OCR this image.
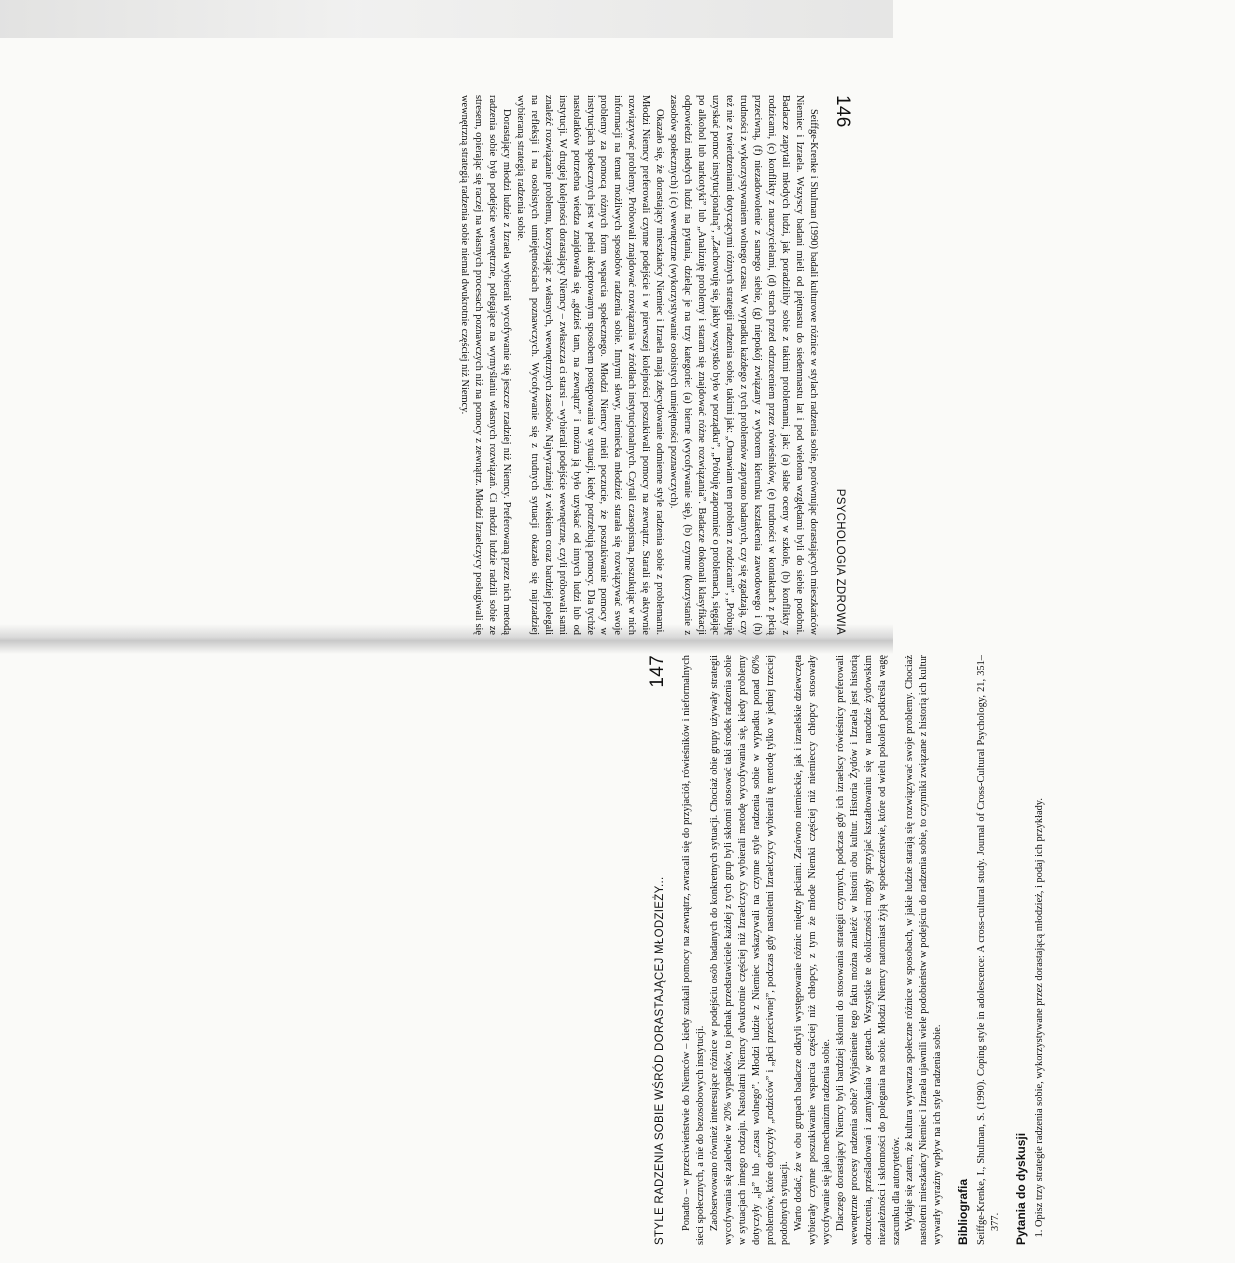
146
PSYCHOLOGIA ZDROWIA

Seiffge-Krenke i Shulman (1990) badali kulturowe różnice w stylach radzenia sobie, porównując dorastających mieszkańców Niemiec i Izraela. Wszyscy badani mieli od piętnastu do siedemnastu lat i pod wieloma względami byli do siebie podobni. Badacze zapytali młodych ludzi, jak poradziliby sobie z takimi problemami, jak: (a) słabe oceny w szkole, (b) konflikty z rodzicami, (c) konflikty z nauczycielami, (d) strach przed odrzuceniem przez rówieśników, (e) trudności w kontaktach z płcią przeciwną, (f) niezadowolenie z samego siebie, (g) niepokój związany z wyborem kierunku kształcenia zawodowego i (h) trudności z wykorzystywaniem wolnego czasu. W wypadku każdego z tych problemów zapytano badanych, czy się zgadzają, czy też nie z twierdzeniami dotyczącymi różnych strategii radzenia sobie, takimi jak: „Omawiam ten problem z rodzicami”, „Próbuję uzyskać pomoc instytucjonalną”, „Zachowuję się, jakby wszystko było w porządku”, „Próbuję zapomnieć o problemach, sięgając po alkohol lub narkotyki” lub „Analizuję problemy i staram się znajdować różne rozwiązania”. Badacze dokonali klasyfikacji odpowiedzi młodych ludzi na pytania, dzieląc je na trzy kategorie: (a) bierne (wycofywanie się), (b) czynne (korzystanie z zasobów społecznych) i (c) wewnętrzne (wykorzystywanie osobistych umiejętności poznawczych).

Okazało się, że dorastający mieszkańcy Niemiec i Izraela mają zdecydowanie odmienne style radzenia sobie z problemami. Młodzi Niemcy preferowali czynne podejście i w pierwszej kolejności poszukiwali pomocy na zewnątrz. Starali się aktywnie rozwiązywać problemy. Próbowali znajdować rozwiązania w źródłach instytucjonalnych. Czytali czasopisma, poszukując w nich informacji na temat możliwych sposobów radzenia sobie. Innymi słowy, niemiecka młodzież starała się rozwiązywać swoje problemy za pomocą różnych form wsparcia społecznego. Młodzi Niemcy mieli poczucie, że poszukiwanie pomocy w instytucjach społecznych jest w pełni akceptowanym sposobem postępowania w sytuacji, kiedy potrzebują pomocy. Dla tychże nastolatków potrzebna wiedza znajdowała się „gdzieś tam, na zewnątrz” i można ją było uzyskać od innych ludzi lub od instytucji. W drugiej kolejności dorastający Niemcy – zwłaszcza ci starsi – wybierali podejście wewnętrzne, czyli próbowali sami znaleźć rozwiązanie problemu, korzystając z własnych, wewnętrznych zasobów. Najwyraźniej z wiekiem coraz bardziej polegali na refleksji i na osobistych umiejętnościach poznawczych. Wycofywanie się z trudnych sytuacji okazało się najrzadziej wybieraną strategią radzenia sobie.

Dorastający młodzi ludzie z Izraela wybierali wycofywanie się jeszcze rzadziej niż Niemcy. Preferowaną przez nich metodą radzenia sobie było podejście wewnętrzne, polegające na wymyślaniu własnych rozwiązań. Ci młodzi ludzie radzili sobie ze stresem, opierając się raczej na własnych procesach poznawczych niż na pomocy z zewnątrz. Młodzi Izraelczycy posługiwali się wewnętrzną strategią radzenia sobie niemal dwukrotnie częściej niż Niemcy.

STYLE RADZENIA SOBIE WŚRÓD DORASTAJĄCEJ MŁODZIEŻY...
147 Ponadto – w przeciwieństwie do Niemców – kiedy szukali pomocy na zewnątrz, zwracali się do przyjaciół, rówieśników i nieformalnych sieci społecznych, a nie do bezosobowych instytucji. Zaobserwowano również interesujące różnice w podejściu osób badanych do konkretnych sytuacji. Chociaż obie grupy używały strategii wycofywania się zaledwie w 20% wypadków, to jednak przedstawiciele każdej z tych grup byli skłonni stosować taki środek radzenia sobie w sytuacjach innego rodzaju. Nastolatni Niemcy dwukrotnie częściej niż Izraelczycy wybierali metodę wycofywania się, kiedy problemy dotyczyły „ja” lub „czasu wolnego”. Młodzi ludzie z Niemiec wskazywali na czynne style radzenia sobie w wypadku ponad 60% problemów, które dotyczyły „rodziców” i „płci przeciwnej”, podczas gdy nastoletni Izraelczycy wybierali tę metodę tylko w jednej trzeciej podobnych sytuacji. Warto dodać, że w obu grupach badacze odkryli występowanie różnic między płciami. Zarówno niemieckie, jak i izraelskie dziewczęta wybierały czynne poszukiwanie wsparcia częściej niż chłopcy, z tym że młode Niemki częściej niż niemieccy chłopcy stosowały wycofywanie się jako mechanizm radzenia sobie. Dlaczego dorastający Niemcy byli bardziej skłonni do stosowania strategii czynnych, podczas gdy ich izraelscy rówieśnicy preferowali wewnętrzne procesy radzenia sobie? Wyjaśnienie tego faktu można znaleźć w historii obu kultur. Historia Żydów i Izraela jest historią odrzucenia, prześladowań i zamykania w gettach. Wszystkie te okoliczności mogły sprzyjać kształtowaniu się w narodzie żydowskim niezależności i skłonności do polegania na sobie. Młodzi Niemcy natomiast żyją w społeczeństwie, które od wielu pokoleń podkreśla wagę szacunku dla autorytetów. Wydaje się zatem, że kultura wytwarza społeczne różnice w sposobach, w jakie ludzie starają się rozwiązywać swoje problemy. Chociaż nastoletni mieszkańcy Niemiec i Izraela ujawnili wiele podobieństw w podejściu do radzenia sobie, to czynniki związane z historią ich kultur wywarły wyraźny wpływ na ich style radzenia sobie. Bibliografia Seiffge-Krenke, I., Shulman, S. (1990). Coping style in adolescence: A cross-cultural study. Journal of Cross-Cultural Psychology, 21, 351–377. Pytania do dyskusji
1. Opisz trzy strategie radzenia sobie, wykorzystywane przez dorastającą młodzież, i podaj ich przykłady.
